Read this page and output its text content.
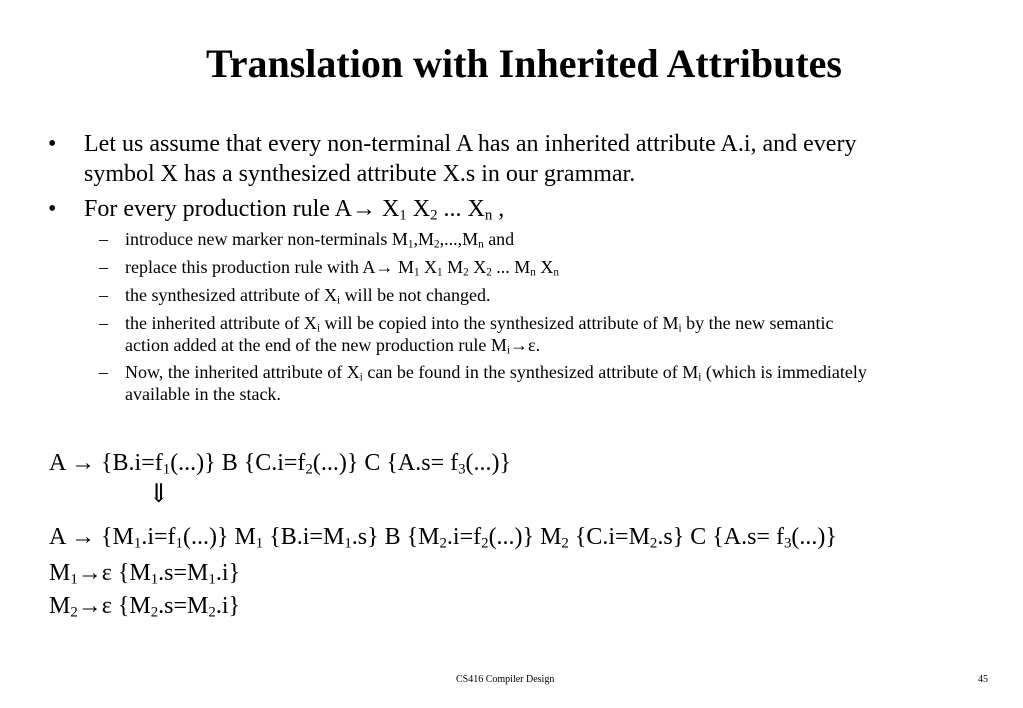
Translation with Inherited Attributes
•	Let us assume that every non-terminal A has an inherited attribute A.i, and every
symbol X has a synthesized attribute X.s in our grammar.
•	For every production rule $A\to X_1$ $X_2$ ... $X_n$ ,
– introduce new marker non-terminals $M_1,M_2,...,M_n$ and
– replace this production rule with $A\to M_1$ $X_1$ $M_2$ $X_2$ ... $M_n$ $X_n$
– the synthesized attribute of $X_i$ will be not changed.
– the inherited attribute of $X_i$ will be copied into the synthesized attribute of $M_i$ by the new semantic
action added at the end of the new production rule $M_i\to\varepsilon$.
– Now, the inherited attribute of $X_i$ can be found in the synthesized attribute of $M_i$ (which is immediately
available in the stack.
$A \to \{B.i=f_1(...)\}$ B $\{C.i=f_2(...)\}$ C $\{A.s= f_3(...)\}$
⇓
$A \to \{M_1.i=f_1(...)\}$ $M_1$ $\{B.i=M_1.s\}$ B $\{M_2.i=f_2(...)\}$ $M_2$ $\{C.i=M_2.s\}$ C $\{A.s= f_3(...)\}$
$M_1\to\varepsilon$ $\{M_1.s=M_1.i\}$
$M_2\to\varepsilon$ $\{M_2.s=M_2.i\}$
CS416 Compiler Design	45
